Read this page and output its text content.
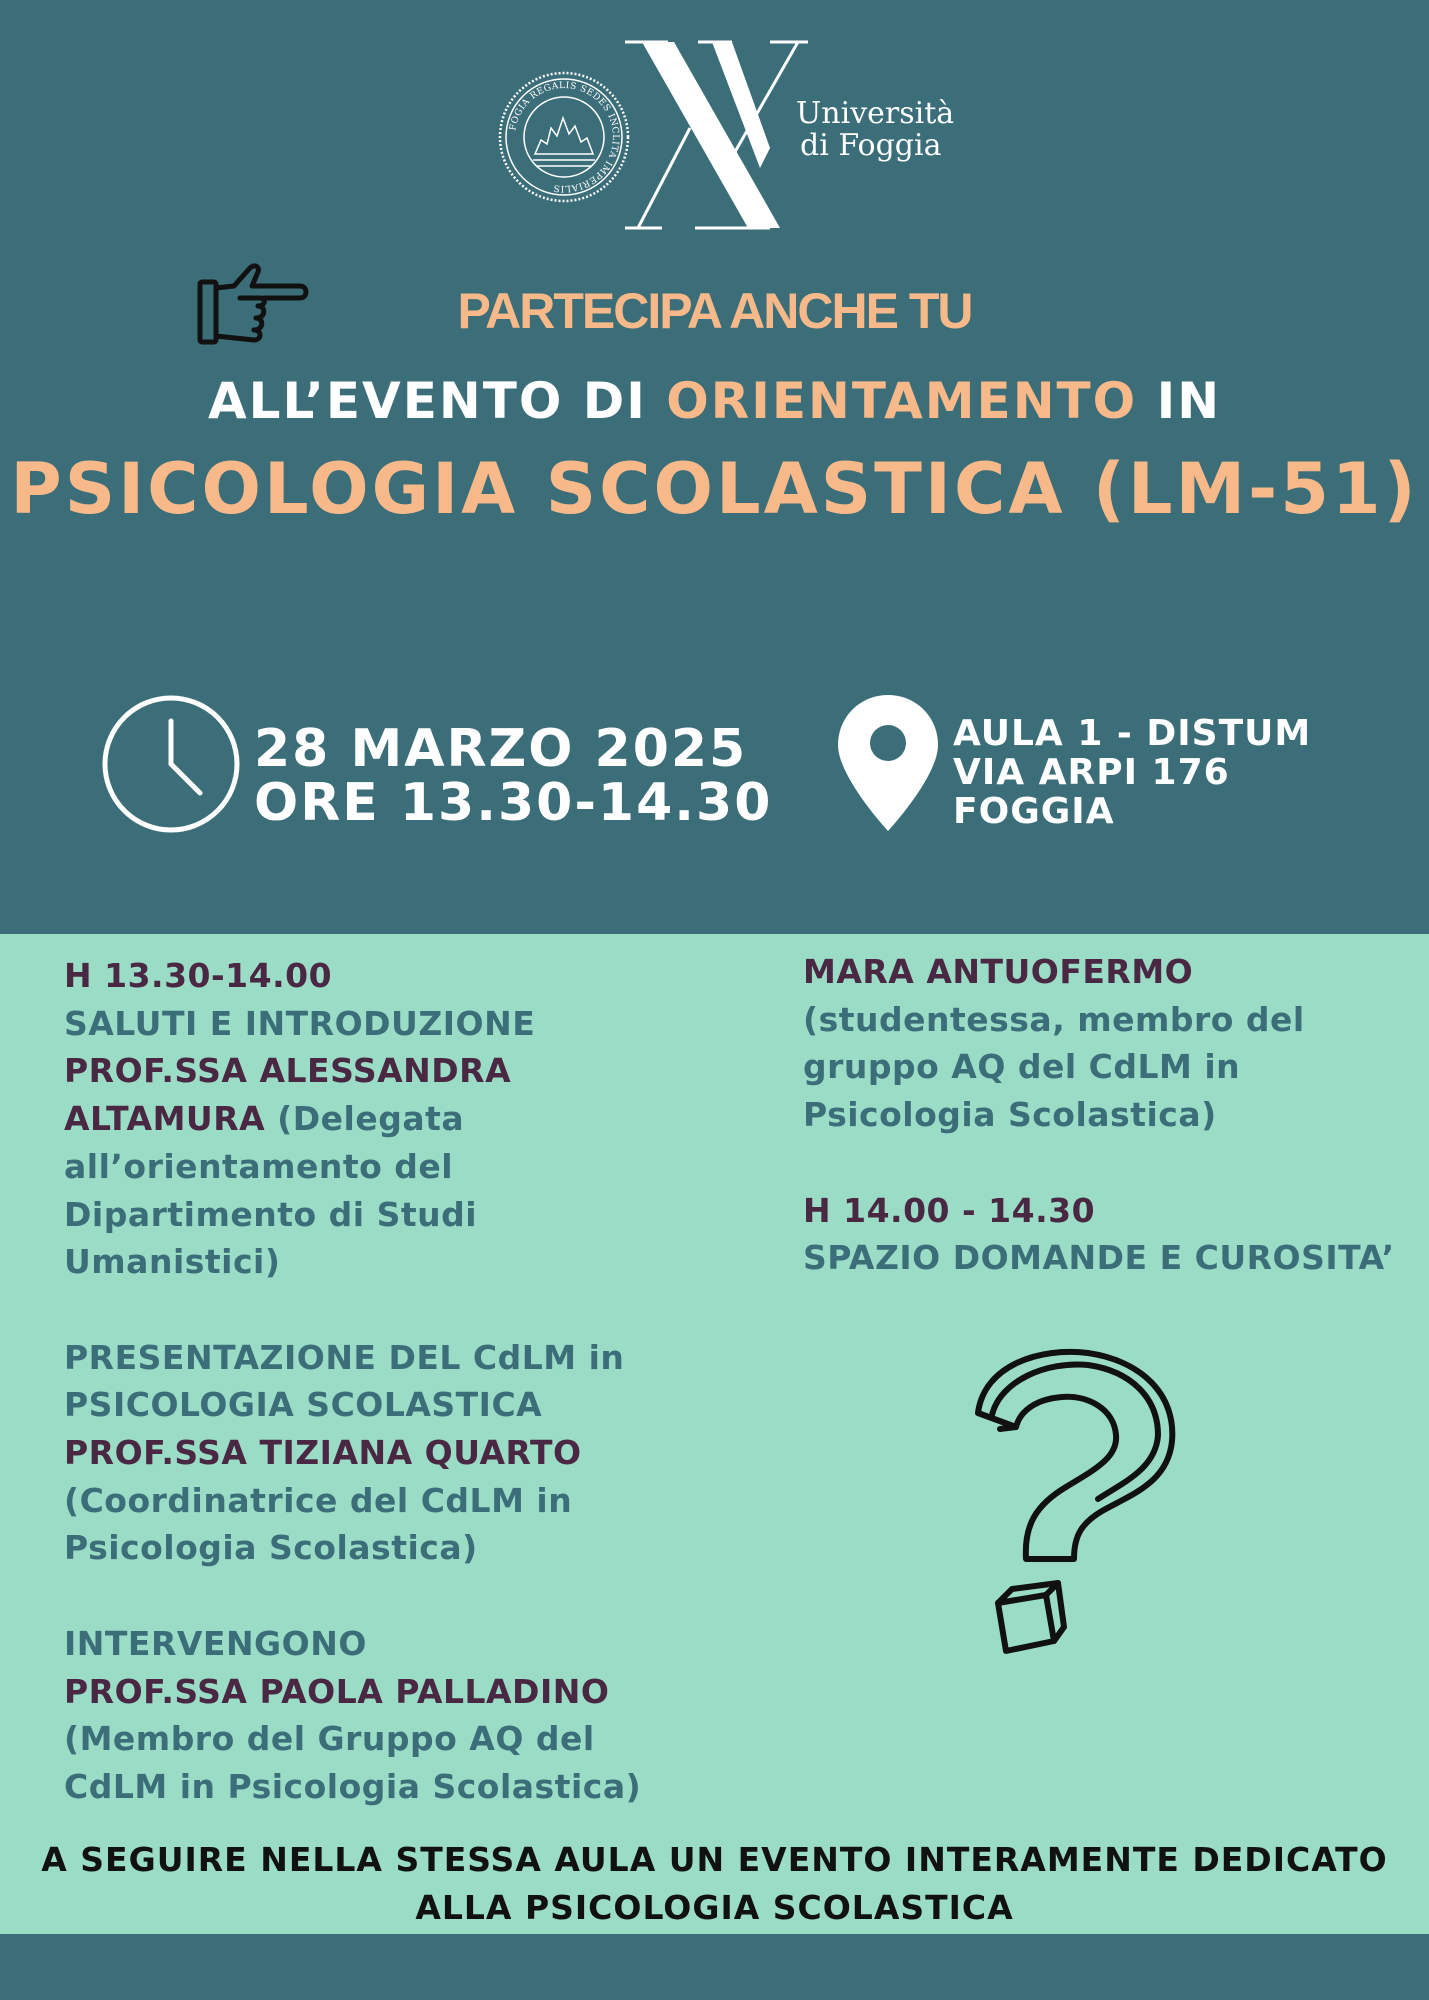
FOGIA REGALIS SEDES INCLITA IMPERIALIS
Università
di Foggia
PARTECIPA ANCHE TU
ALL’EVENTO DI ORIENTAMENTO IN
PSICOLOGIA SCOLASTICA (LM-51)
28 MARZO 2025
ORE 13.30-14.30
AULA 1 - DISTUM
VIA ARPI 176
FOGGIA
H 13.30-14.00
SALUTI E INTRODUZIONE
PROF.SSA ALESSANDRA
ALTAMURA (Delegata
all’orientamento del
Dipartimento di Studi
Umanistici)
PRESENTAZIONE DEL CdLM in
PSICOLOGIA SCOLASTICA
PROF.SSA TIZIANA QUARTO
(Coordinatrice del CdLM in
Psicologia Scolastica)
INTERVENGONO
PROF.SSA PAOLA PALLADINO
(Membro del Gruppo AQ del
CdLM in Psicologia Scolastica)
MARA ANTUOFERMO
(studentessa, membro del
gruppo AQ del CdLM in
Psicologia Scolastica)
H 14.00 - 14.30
SPAZIO DOMANDE E CUROSITA’
A SEGUIRE NELLA STESSA AULA UN EVENTO INTERAMENTE DEDICATO
ALLA PSICOLOGIA SCOLASTICA
